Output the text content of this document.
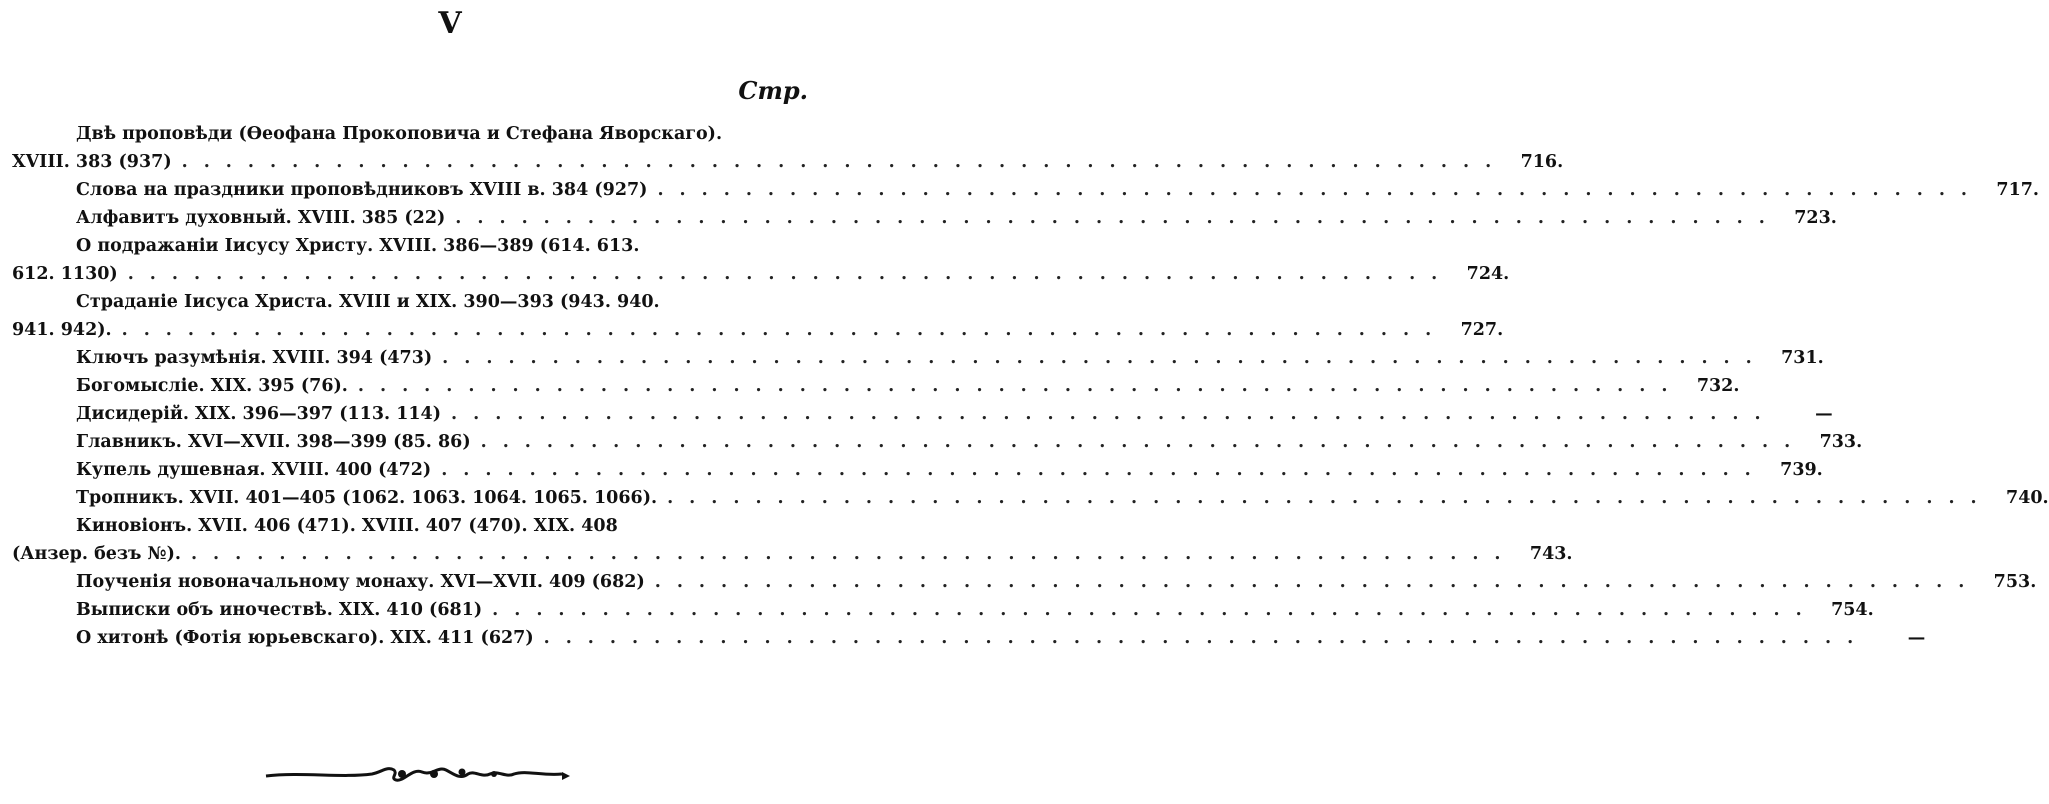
V
Стр.
Двѣ проповѣди (Ѳеофана Прокоповича и Стефана Яворскаго).
XVIII. 383 (937) ............................................................ 716.
Слова на праздники проповѣдниковъ XVIII в. 384 (927) ............................................................ 717.
Алфавитъ духовный. XVIII. 385 (22) ............................................................ 723.
О подражаніи Іисусу Христу. XVIII. 386—389 (614. 613.
612. 1130) ............................................................ 724.
Страданіе Іисуса Христа. XVIII и XIX. 390—393 (943. 940.
941. 942). ............................................................ 727.
Ключъ разумѣнія. XVIII. 394 (473) ............................................................ 731.
Богомысліе. XIX. 395 (76). ............................................................ 732.
Дисидерій. XIX. 396—397 (113. 114) ............................................................	—
Главникъ. XVI—XVII. 398—399 (85. 86) ............................................................ 733.
Купель душевная. XVIII. 400 (472) ............................................................ 739.
Тропникъ. XVII. 401—405 (1062. 1063. 1064. 1065. 1066). ............................................................ 740.
Киновіонъ. XVII. 406 (471). XVIII. 407 (470). XIX. 408
(Анзер. безъ №). ............................................................ 743.
Поученія новоначальному монаху. XVI—XVII. 409 (682) ............................................................ 753.
Выписки объ иночествѣ. XIX. 410 (681) ............................................................ 754.
О хитонѣ (Фотія юрьевскаго). XIX. 411 (627) ............................................................	—
